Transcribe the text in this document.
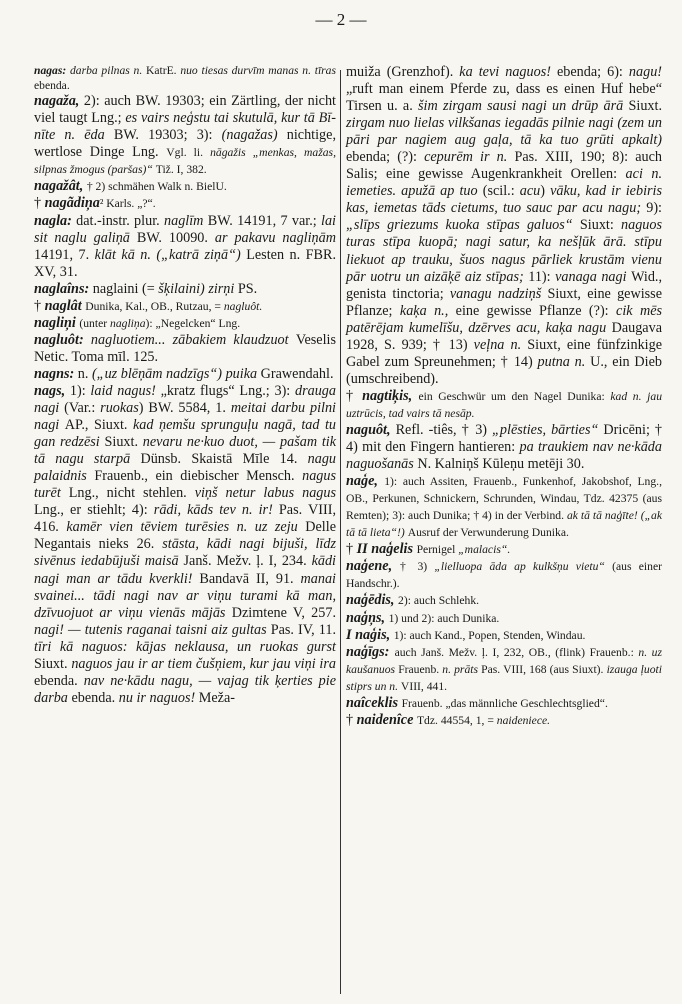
— 2 —

nagas: darba pilnas n. KatrE. nuo tiesas durvīm manas n. tīras ebenda.

nagaža, 2): auch BW. 19303; ein Zärtling, der nicht viel taugt Lng.; es vairs neģstu tai skutulā, kur tā Bīnīte n. ēda BW. 19303; 3): (nagažas) nichtige, wertlose Dinge Lng. Vgl. li. nāgažis „menkas, mažas, silpnas žmogus (paršas)“ Tiž. I, 382.

nagažât, † 2) schmähen Walk n. BielU.

† nagãdiņa² Karls. „?“.

nagla: dat.-instr. plur. naglīm BW. 14191, 7 var.; lai sit naglu galiņā BW. 10090. ar pakavu nagliņām 14191, 7. klāt kā n. („katrā ziņā“) Lesten n. FBR. XV, 31.

naglaîns: naglaini (= šķilaini) zirņi PS.

† naglât Dunika, Kal., OB., Rutzau, = nagluôt.

nagliņi (unter nagliņa): „Negelcken“ Lng.

nagluôt: nagluotiem... zābakiem klaudzuot Veselis Netic. Toma mīl. 125.

nagns: n. („uz blēņām nadzīgs“) puika Grawendahl.

nags, 1): laid nagus! „kratz flugs“ Lng.; 3): drauga nagi (Var.: ruokas) BW. 5584, 1. meitai darbu pilni nagi AP., Siuxt. kad ņemšu sprunguļu nagā, tad tu gan redzēsi Siuxt. nevaru ne·kuo duot, — pašam tik tā nagu starpā Dünsb. Skaistā Mīle 14. nagu palaidnis Frauenb., ein diebischer Mensch. nagus turēt Lng., nicht stehlen. viņš netur labus nagus Lng., er stiehlt; 4): rādi, kāds tev n. ir! Pas. VIII, 416. kamēr vien tēviem turēsies n. uz zeju Delle Negantais nieks 26. stāsta, kādi nagi bijuši, līdz sivēnus iedabūjuši maisā Janš. Mežv. ļ. I, 234. kādi nagi man ar tādu kverkli! Bandavā II, 91. manai svainei... tādi nagi nav ar viņu turami kā man, dzīvuojuot ar viņu vienās mājās Dzimtene V, 257. nagi! — tutenis raganai taisni aiz gultas Pas. IV, 11. tīri kā naguos: kājas neklausa, un ruokas gurst Siuxt. naguos jau ir ar tiem čušņiem, kur jau viņi ira ebenda. nav ne·kādu nagu, — vajag tik ķerties pie darba ebenda. nu ir naguos! Meža-

muiža (Grenzhof). ka tevi naguos! ebenda; 6): nagu! „ruft man einem Pferde zu, dass es einen Huf hebe“ Tirsen u. a. šim zirgam sausi nagi un drūp ārā Siuxt. zirgam nuo lielas vilkšanas iegadās pilnie nagi (zem un pāri par nagiem aug gaļa, tā ka tuo grūti apkalt) ebenda; (?): cepurēm ir n. Pas. XIII, 190; 8): auch Salis; eine gewisse Augenkrankheit Orellen: aci n. iemeties. apužā ap tuo (scil.: acu) vāku, kad ir iebiris kas, iemetas tāds cietums, tuo sauc par acu nagu; 9): „slīps griezums kuoka stīpas galuos“ Siuxt: naguos turas stīpa kuopā; nagi satur, ka nešļūk ārā. stīpu liekuot ap trauku, šuos nagus pārliek krustām vienu pār uotru un aizāķē aiz stīpas; 11): vanaga nagi Wid., genista tinctoria; vanagu nadziņš Siuxt, eine gewisse Pflanze; kaķa n., eine gewisse Pflanze (?): cik mēs patērējam kumelīšu, dzērves acu, kaķa nagu Daugava 1928, S. 939; † 13) veļna n. Siuxt, eine fünfzinkige Gabel zum Spreunehmen; † 14) putna n. U., ein Dieb (umschreibend).

† nagtiķis, ein Geschwür um den Nagel Dunika: kad n. jau uztrūcis, tad vairs tā nesāp.

naguôt, Refl. -tiês, † 3) „plēsties, bārties“ Dricēni; † 4) mit den Fingern hantieren: pa traukiem nav ne·kāda naguošanās N. Kalniņš Kūleņu metēji 30.

naģe, 1): auch Assiten, Frauenb., Funkenhof, Jakobshof, Lng., OB., Perkunen, Schnickern, Schrunden, Windau, Tdz. 42375 (aus Remten); 3): auch Dunika; † 4) in der Verbind. ak tā tā naģīte! („ak tā tā lieta“!) Ausruf der Verwunderung Dunika.

† II naģelis Pernigel „malacis“.

naģene, † 3) „lielluopa āda ap kulkšņu vietu“ (aus einer Handschr.).

naģēdis, 2): auch Schlehk.

naģņs, 1) und 2): auch Dunika.

I naģis, 1): auch Kand., Popen, Stenden, Windau.

naģīgs: auch Janš. Mežv. ļ. I, 232, OB., (flink) Frauenb.: n. uz kaušanuos Frauenb. n. prāts Pas. VIII, 168 (aus Siuxt). izauga ļuoti stiprs un n. VIII, 441.

naîceklis Frauenb. „das männliche Geschlechtsglied“.

† naidenîce Tdz. 44554, 1, = naideniece.
